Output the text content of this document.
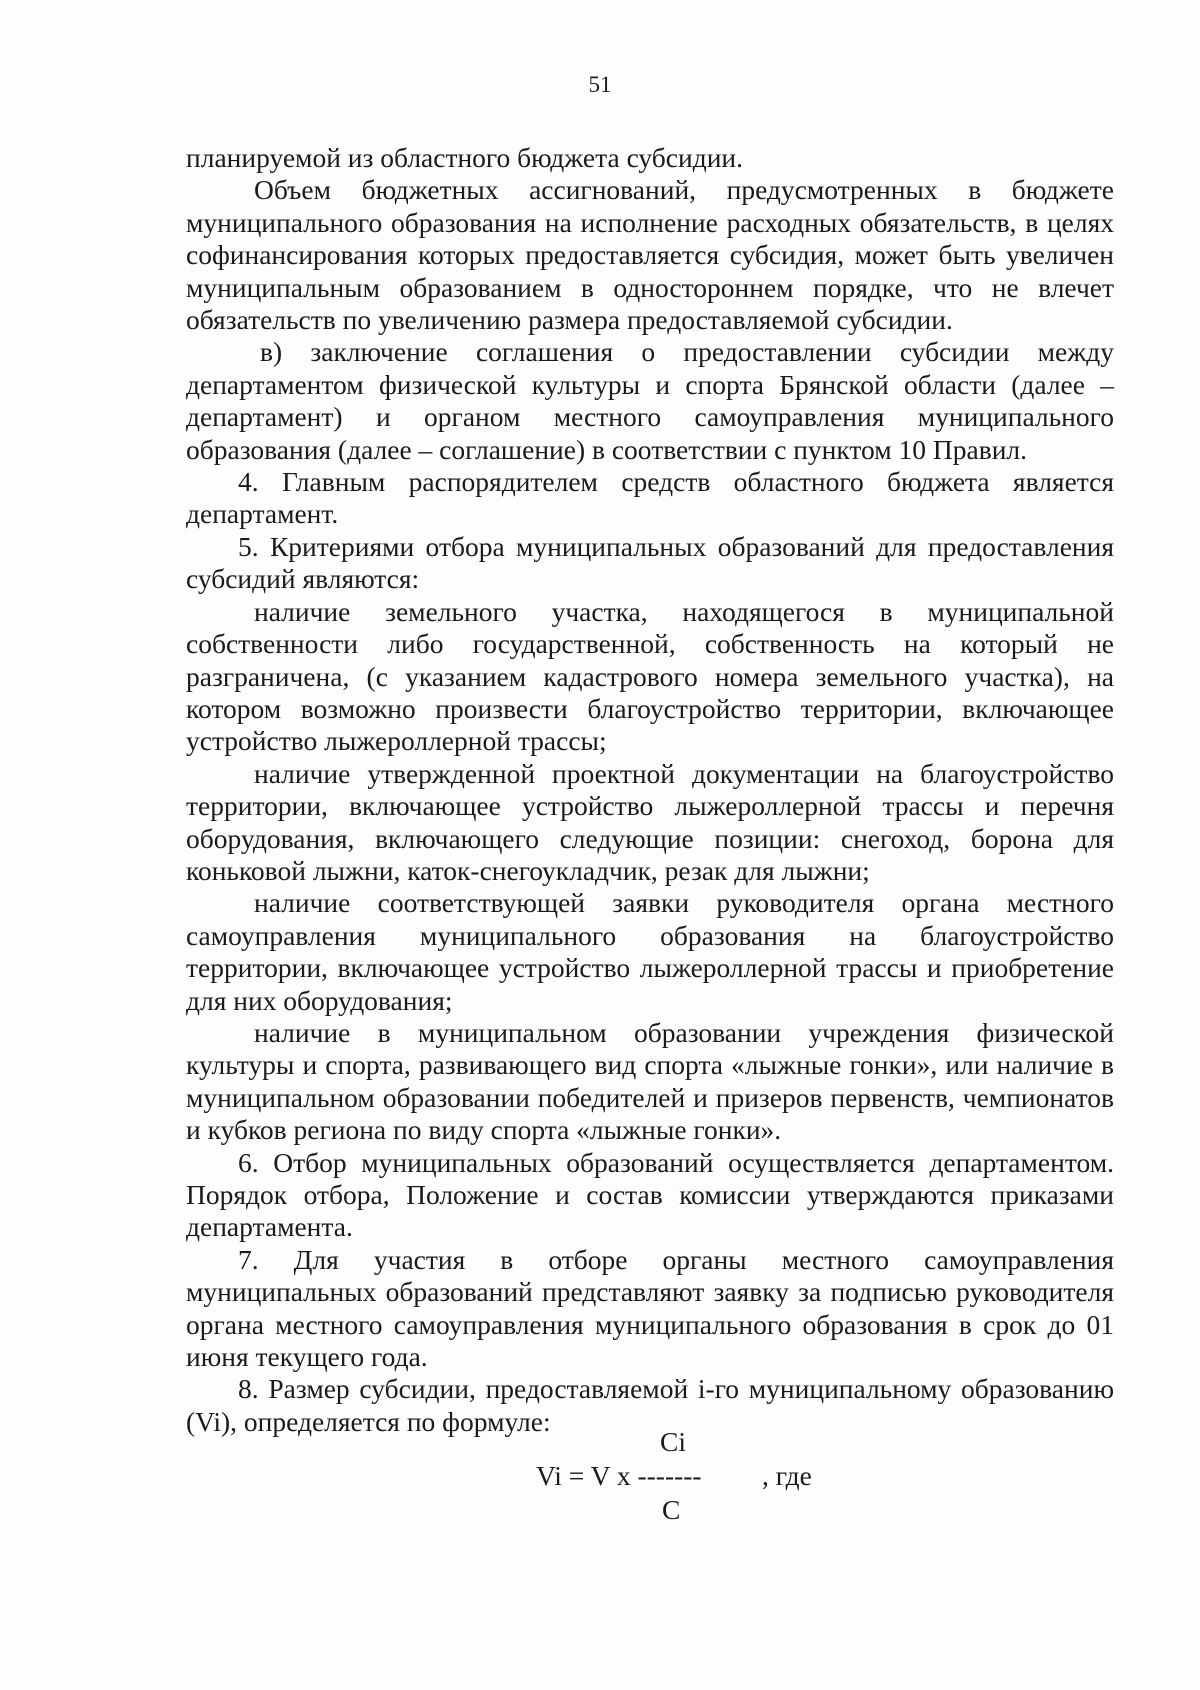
51

планируемой из областного бюджета субсидии.

Объем бюджетных ассигнований, предусмотренных в бюджете муниципального образования на исполнение расходных обязательств, в целях софинансирования которых предоставляется субсидия, может быть увеличен муниципальным образованием в одностороннем порядке, что не влечет обязательств по увеличению размера предоставляемой субсидии.

в) заключение соглашения о предоставлении субсидии между департаментом физической культуры и спорта Брянской области (далее – департамент) и органом местного самоуправления муниципального образования (далее – соглашение) в соответствии с пунктом 10 Правил.

4. Главным распорядителем средств областного бюджета является департамент.

5. Критериями отбора муниципальных образований для предоставления субсидий являются:

наличие земельного участка, находящегося в муниципальной собственности либо государственной, собственность на который не разграничена, (с указанием кадастрового номера земельного участка), на котором возможно произвести благоустройство территории, включающее устройство лыжероллерной трассы;

наличие утвержденной проектной документации на благоустройство территории, включающее устройство лыжероллерной трассы и перечня оборудования, включающего следующие позиции: снегоход, борона для коньковой лыжни, каток-снегоукладчик, резак для лыжни;

наличие соответствующей заявки руководителя органа местного самоуправления муниципального образования на благоустройство территории, включающее устройство лыжероллерной трассы и приобретение для них оборудования;

наличие в муниципальном образовании учреждения физической культуры и спорта, развивающего вид спорта «лыжные гонки», или наличие в муниципальном образовании победителей и призеров первенств, чемпионатов и кубков региона по виду спорта «лыжные гонки».

6. Отбор муниципальных образований осуществляется департаментом. Порядок отбора, Положение и состав комиссии утверждаются приказами департамента.

7. Для участия в отборе органы местного самоуправления муниципальных образований представляют заявку за подписью руководителя органа местного самоуправления муниципального образования в срок до 01 июня текущего года.

8. Размер субсидии, предоставляемой i-го муниципальному образованию (Vi), определяется по формуле:

Ci
Vi = V x -------
C
, где
